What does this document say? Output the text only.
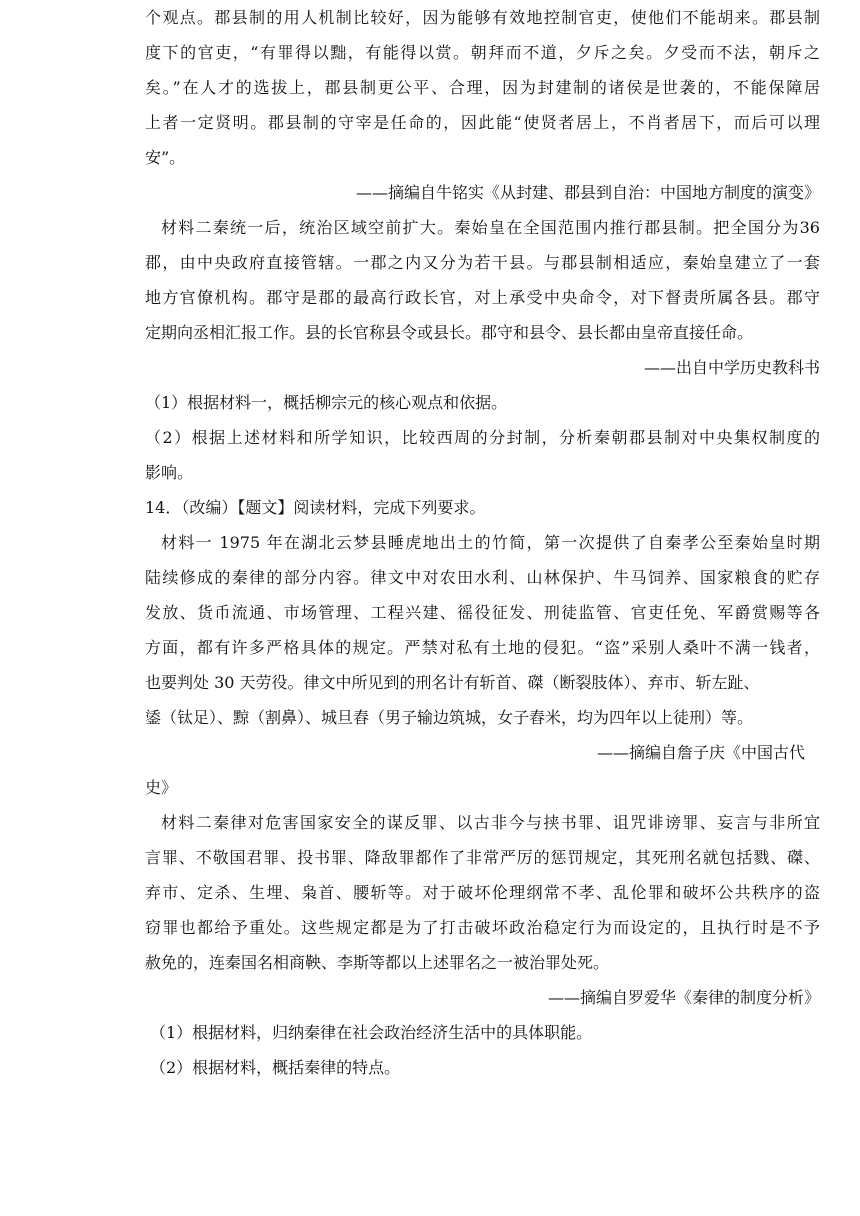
个观点。郡县制的用人机制比较好，因为能够有效地控制官吏，使他们不能胡来。郡县制
度下的官吏，“有罪得以黜，有能得以赏。朝拜而不道，夕斥之矣。夕受而不法，朝斥之
矣。”在人才的选拔上，郡县制更公平、合理，因为封建制的诸侯是世袭的，不能保障居
上者一定贤明。郡县制的守宰是任命的，因此能“使贤者居上，不肖者居下，而后可以理
安”。
——摘编自牛铭实《从封建、郡县到自治：中国地方制度的演变》
材料二秦统一后，统治区域空前扩大。秦始皇在全国范围内推行郡县制。把全国分为36
郡，由中央政府直接管辖。一郡之内又分为若干县。与郡县制相适应，秦始皇建立了一套
地方官僚机构。郡守是郡的最高行政长官，对上承受中央命令，对下督责所属各县。郡守
定期向丞相汇报工作。县的长官称县令或县长。郡守和县令、县长都由皇帝直接任命。
——出自中学历史教科书
（1）根据材料一，概括柳宗元的核心观点和依据。
（2）根据上述材料和所学知识，比较西周的分封制，分析秦朝郡县制对中央集权制度的
影响。
14．（改编）【题文】阅读材料，完成下列要求。
材料一 1975 年在湖北云梦县睡虎地出土的竹简，第一次提供了自秦孝公至秦始皇时期
陆续修成的秦律的部分内容。律文中对农田水利、山林保护、牛马饲养、国家粮食的贮存
发放、货币流通、市场管理、工程兴建、徭役征发、刑徒监管、官吏任免、军爵赏赐等各
方面，都有许多严格具体的规定。严禁对私有土地的侵犯。“盗”采别人桑叶不满一钱者，
也要判处 30 天劳役。律文中所见到的刑名计有斩首、磔（断裂肢体）、弃市、斩左趾、
鋈（钛足）、黥（割鼻）、城旦舂（男子输边筑城，女子舂米，均为四年以上徒刑）等。
——摘编自詹子庆《中国古代
史》
材料二秦律对危害国家安全的谋反罪、以古非今与挟书罪、诅咒诽谤罪、妄言与非所宜
言罪、不敬国君罪、投书罪、降敌罪都作了非常严厉的惩罚规定，其死刑名就包括戮、磔、
弃市、定杀、生埋、枭首、腰斩等。对于破坏伦理纲常不孝、乱伦罪和破坏公共秩序的盗
窃罪也都给予重处。这些规定都是为了打击破坏政治稳定行为而设定的，且执行时是不予
赦免的，连秦国名相商鞅、李斯等都以上述罪名之一被治罪处死。
——摘编自罗爱华《秦律的制度分析》
（1）根据材料，归纳秦律在社会政治经济生活中的具体职能。
（2）根据材料，概括秦律的特点。
